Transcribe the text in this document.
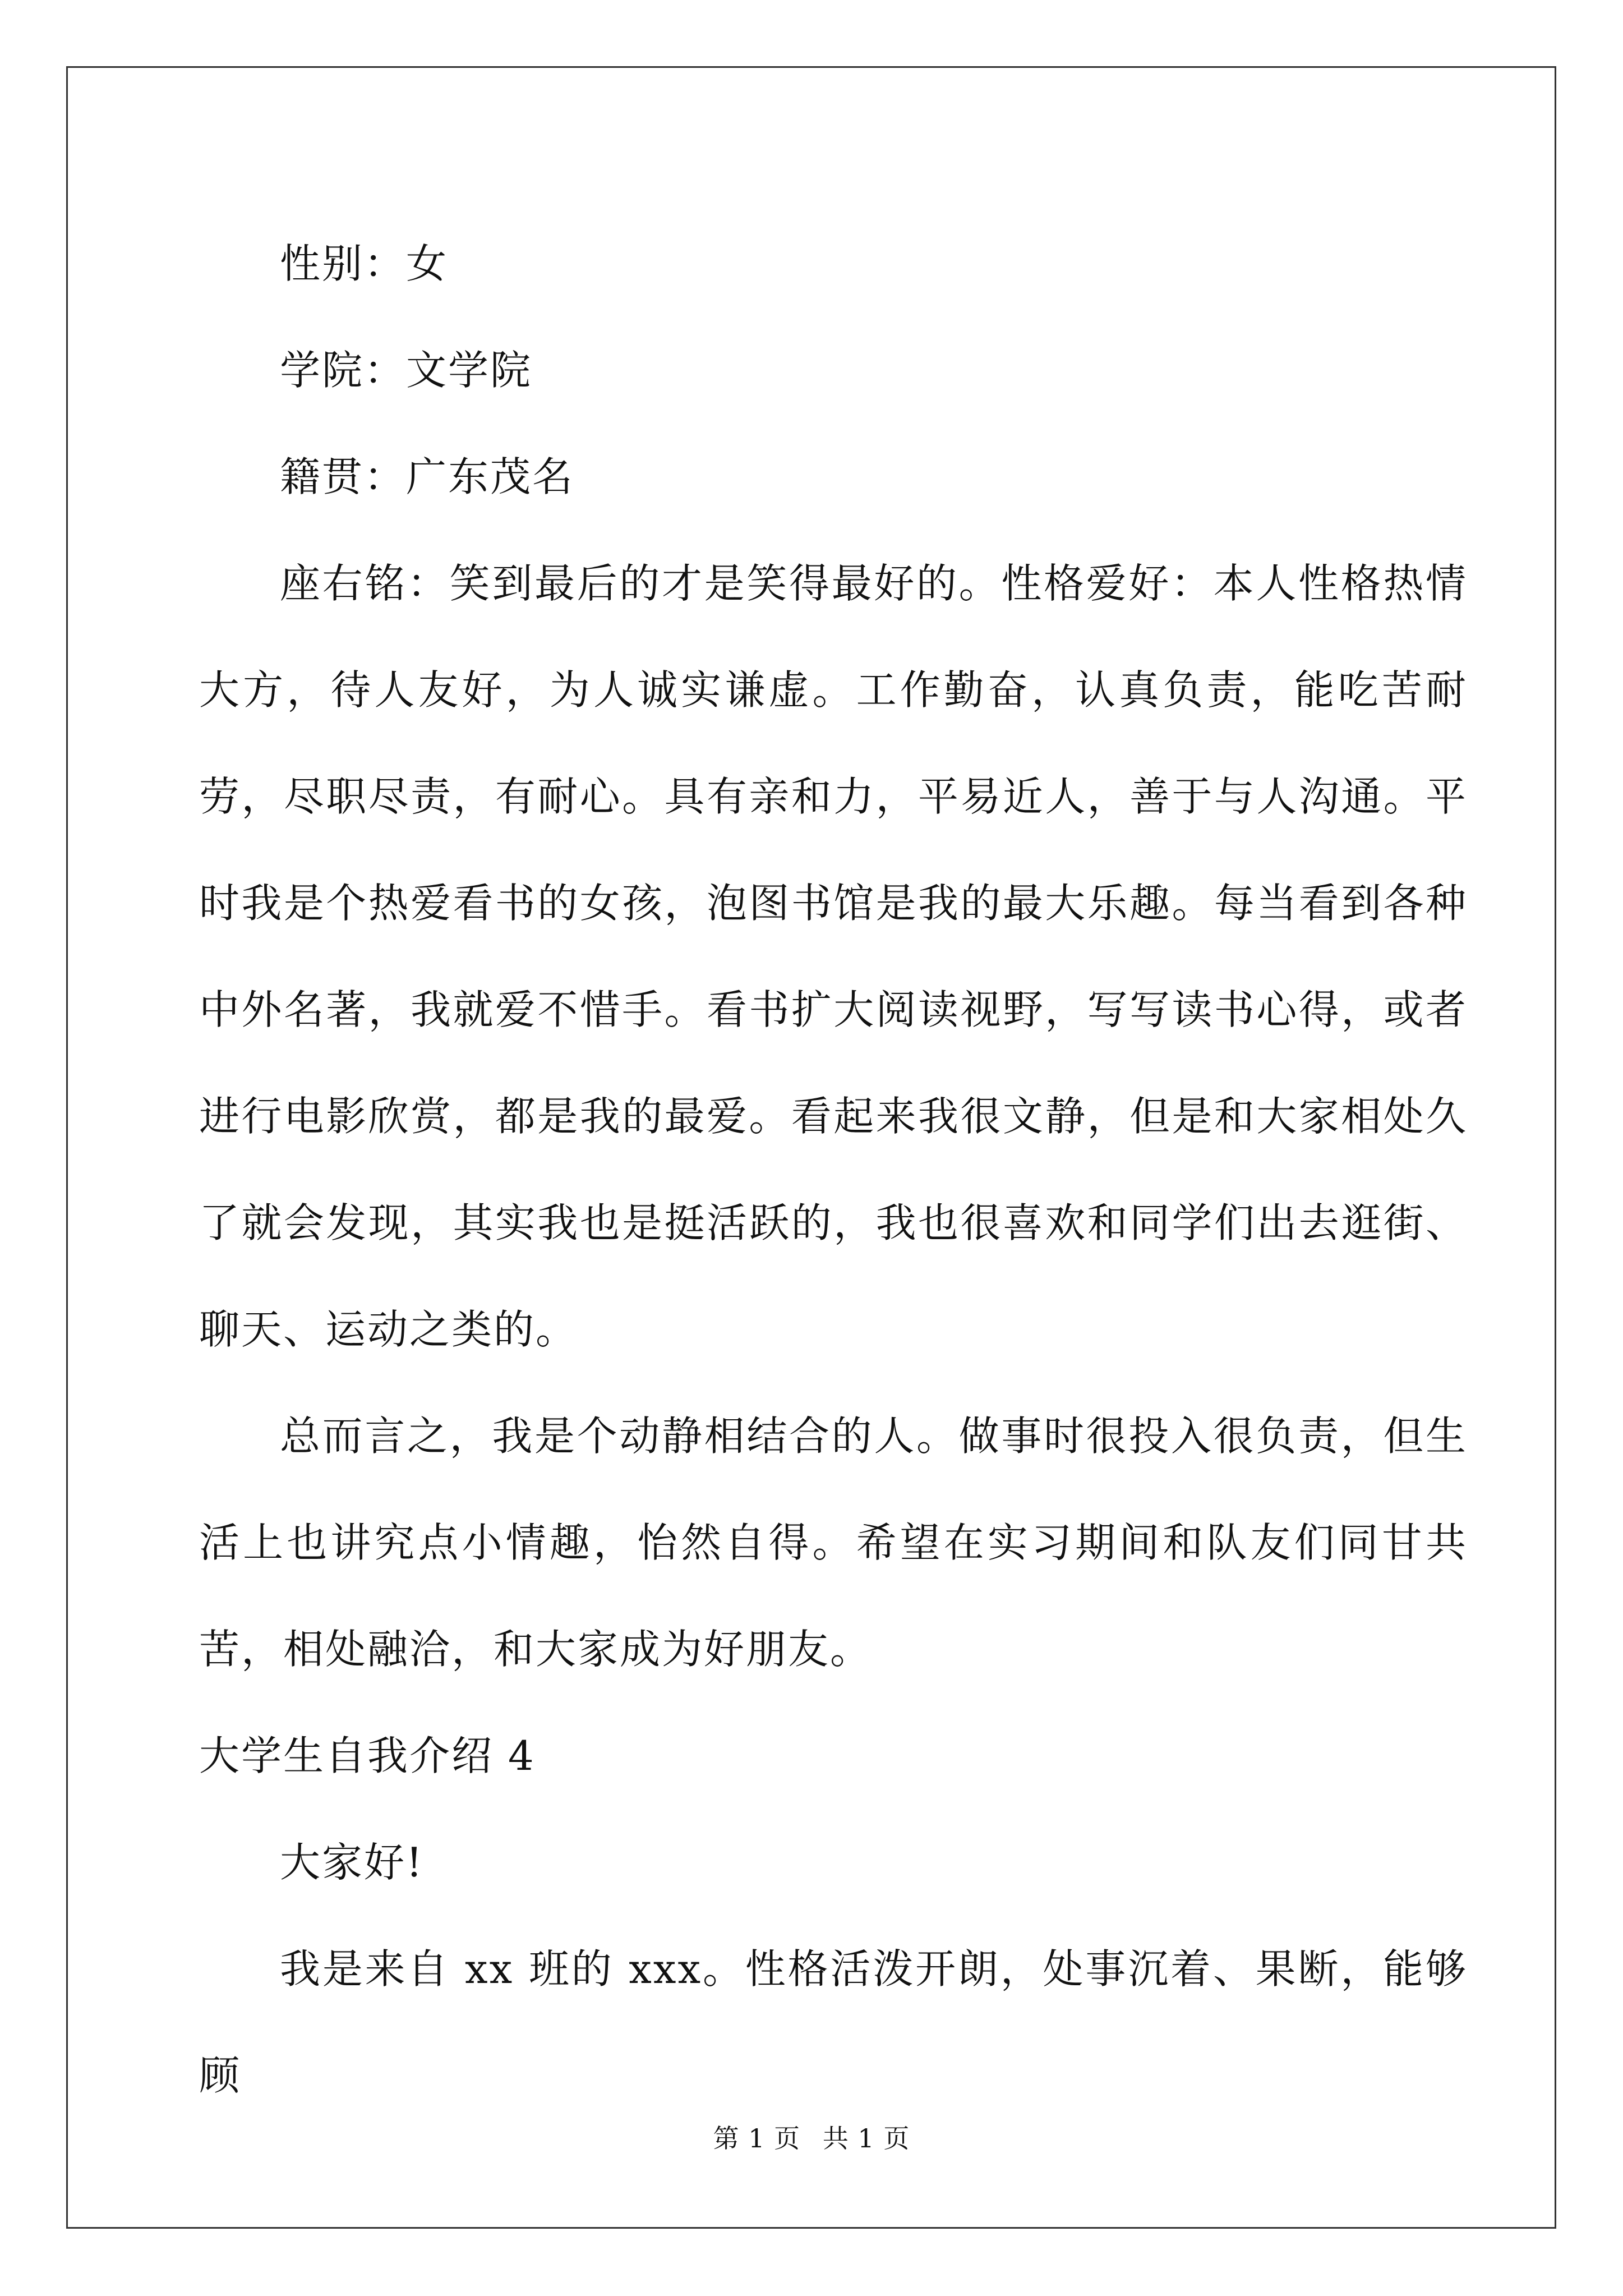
性别：女

学院：文学院

籍贯：广东茂名

座右铭：笑到最后的才是笑得最好的。性格爱好：本人性格热情大方，待人友好，为人诚实谦虚。工作勤奋，认真负责，能吃苦耐劳，尽职尽责，有耐心。具有亲和力，平易近人，善于与人沟通。平时我是个热爱看书的女孩，泡图书馆是我的最大乐趣。每当看到各种中外名著，我就爱不惜手。看书扩大阅读视野，写写读书心得，或者进行电影欣赏，都是我的最爱。看起来我很文静，但是和大家相处久了就会发现，其实我也是挺活跃的，我也很喜欢和同学们出去逛街、聊天、运动之类的。

总而言之，我是个动静相结合的人。做事时很投入很负责，但生活上也讲究点小情趣，怡然自得。希望在实习期间和队友们同甘共苦，相处融洽，和大家成为好朋友。

大学生自我介绍 4

大家好!

我是来自 xx 班的 xxx。性格活泼开朗，处事沉着、果断，能够顾

第 1 页 共 1 页
